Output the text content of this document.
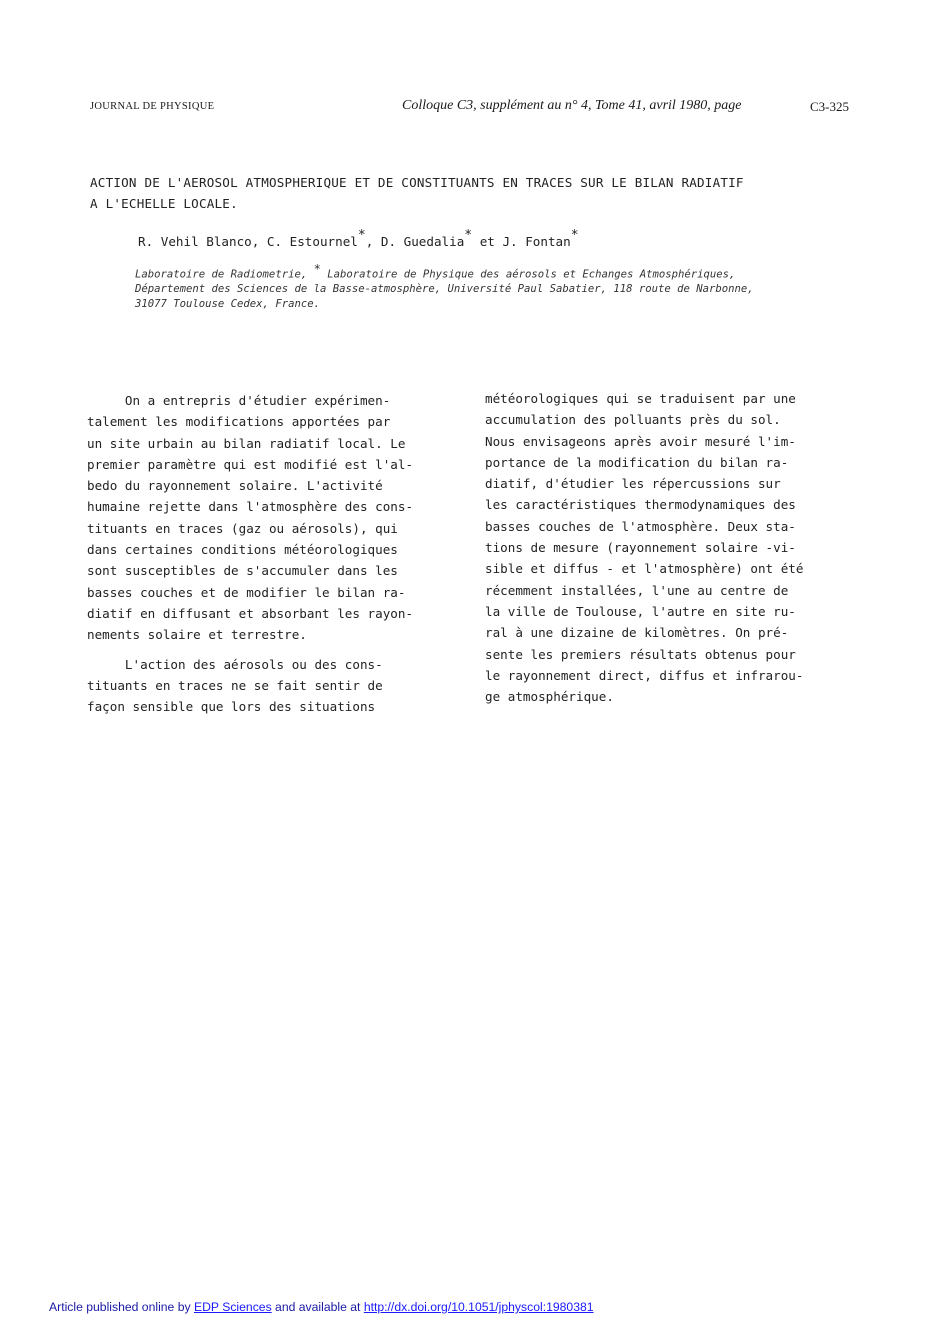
JOURNAL DE PHYSIQUE	Colloque C3, supplément au n° 4, Tome 41, avril 1980, page	C3-325
ACTION DE L'AEROSOL ATMOSPHERIQUE ET DE CONSTITUANTS EN TRACES SUR LE BILAN RADIATIF
A L'ECHELLE LOCALE.
R. Vehil Blanco, C. Estournel*, D. Guedalia* et J. Fontan*
Laboratoire de Radiometrie, * Laboratoire de Physique des aérosols et Echanges Atmosphériques,
Département des Sciences de la Basse-atmosphère, Université Paul Sabatier, 118 route de Narbonne,
31077 Toulouse Cedex, France.
On a entrepris d'étudier expérimen-
talement les modifications apportées par
un site urbain au bilan radiatif local. Le
premier paramètre qui est modifié est l'al-
bedo du rayonnement solaire. L'activité
humaine rejette dans l'atmosphère des cons-
tituants en traces (gaz ou aérosols), qui
dans certaines conditions météorologiques
sont susceptibles de s'accumuler dans les
basses couches et de modifier le bilan ra-
diatif en diffusant et absorbant les rayon-
nements solaire et terrestre.
L'action des aérosols ou des cons-
tituants en traces ne se fait sentir de
façon sensible que lors des situations
météorologiques qui se traduisent par une
accumulation des polluants près du sol.
Nous envisageons après avoir mesuré l'im-
portance de la modification du bilan ra-
diatif, d'étudier les répercussions sur
les caractéristiques thermodynamiques des
basses couches de l'atmosphère. Deux sta-
tions de mesure (rayonnement solaire -vi-
sible et diffus - et l'atmosphère) ont été
récemment installées, l'une au centre de
la ville de Toulouse, l'autre en site ru-
ral à une dizaine de kilomètres. On pré-
sente les premiers résultats obtenus pour
le rayonnement direct, diffus et infrarou-
ge atmosphérique.
Article published online by EDP Sciences and available at http://dx.doi.org/10.1051/jphyscol:1980381
